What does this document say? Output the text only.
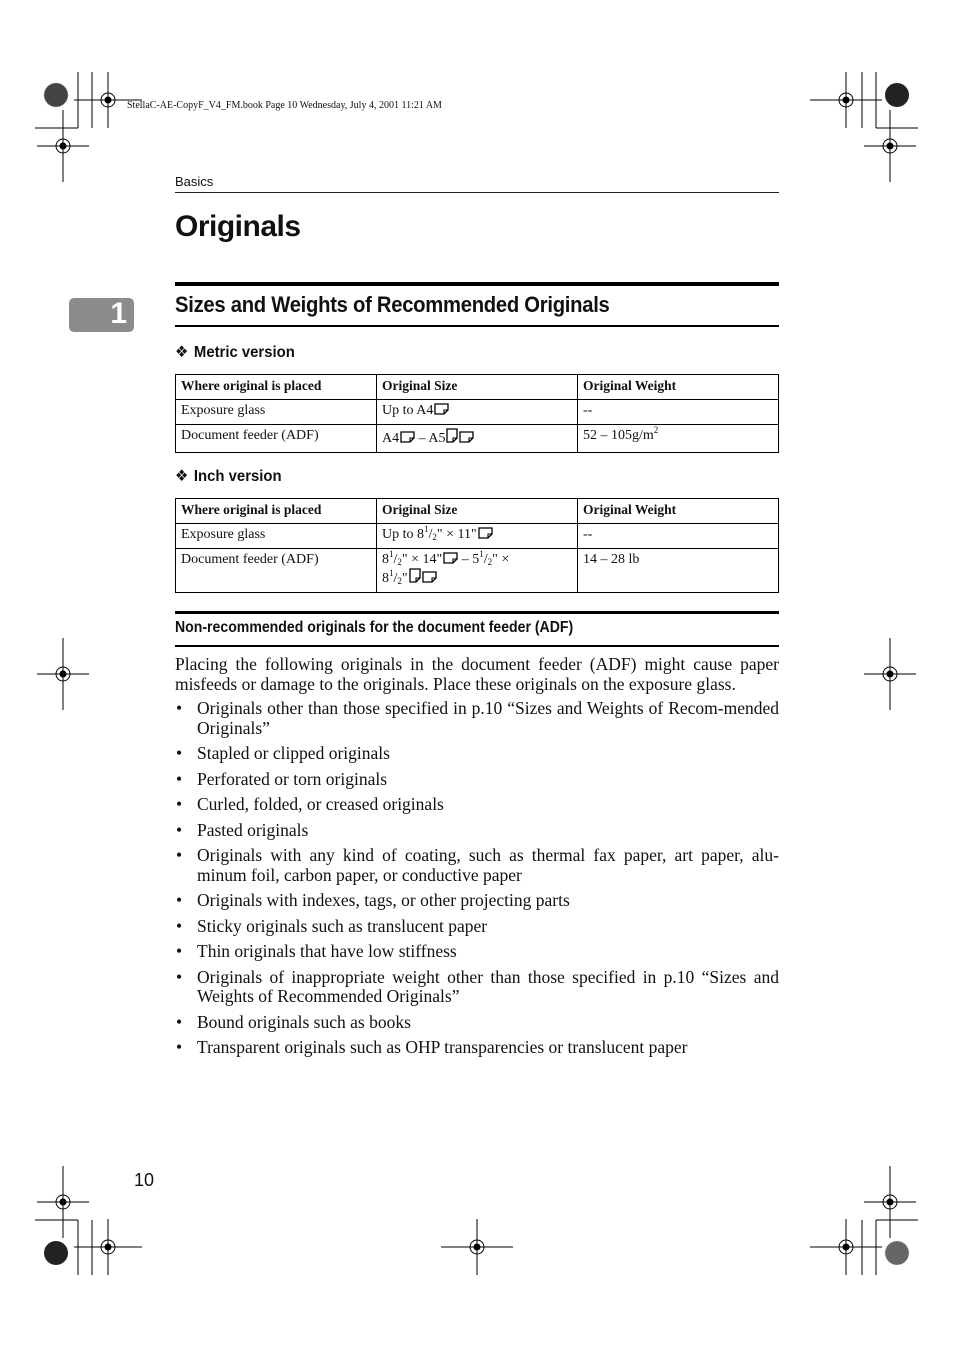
StellaC-AE-CopyF_V4_FM.book Page 10 Wednesday, July 4, 2001 11:21 AM
Basics
Originals
1 Sizes and Weights of Recommended Originals
❖ Metric version
Where original is placed	Original Size	Original Weight
Exposure glass	Up to A4	--
Document feeder (ADF)	A4 – A5	$52 - 105g/m^2$
❖ Inch version
Where original is placed	Original Size	Original Weight
Exposure glass	Up to $8^1/_2$" × 11"	--
Document feeder (ADF)	$8^1/_2$" × 14" – $5^1/_2$" ×
$8^1/_2$"	14 – 28 lb
Non-recommended originals for the document feeder (ADF)
Placing the following originals in the document feeder (ADF) might cause paper misfeeds or damage to the originals. Place these originals on the exposure glass.
• Originals other than those specified in p.10 “Sizes and Weights of Recom-mended Originals”
• Stapled or clipped originals
• Perforated or torn originals
• Curled, folded, or creased originals
• Pasted originals
• Originals with any kind of coating, such as thermal fax paper, art paper, alu-minum foil, carbon paper, or conductive paper
• Originals with indexes, tags, or other projecting parts
• Sticky originals such as translucent paper
• Thin originals that have low stiffness
• Originals of inappropriate weight other than those specified in p.10 “Sizes and Weights of Recommended Originals”
• Bound originals such as books
• Transparent originals such as OHP transparencies or translucent paper
10
